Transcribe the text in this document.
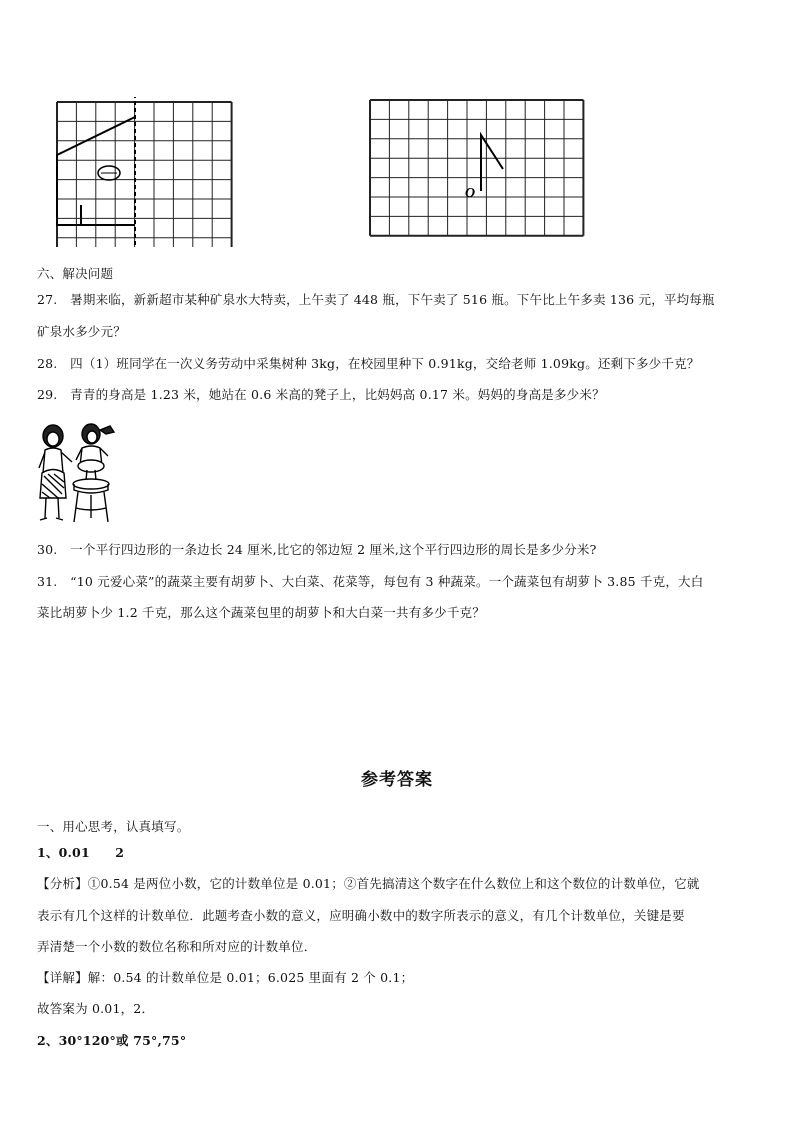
O
六、解决问题
27.　暑期来临，新新超市某种矿泉水大特卖，上午卖了 448 瓶，下午卖了 516 瓶。下午比上午多卖 136 元，平均每瓶
矿泉水多少元？
28.　四（1）班同学在一次义务劳动中采集树种 3kg，在校园里种下 0.91kg，交给老师 1.09kg。还剩下多少千克？
29.　青青的身高是 1.23 米，她站在 0.6 米高的凳子上，比妈妈高 0.17 米。妈妈的身高是多少米？
30.　一个平行四边形的一条边长 24 厘米,比它的邻边短 2 厘米,这个平行四边形的周长是多少分米?
31.　“10 元爱心菜”的蔬菜主要有胡萝卜、大白菜、花菜等，每包有 3 种蔬菜。一个蔬菜包有胡萝卜 3.85 千克，大白
菜比胡萝卜少 1.2 千克，那么这个蔬菜包里的胡萝卜和大白菜一共有多少千克？
参考答案
一、用心思考，认真填写。
1、0.01　　2
【分析】①0.54 是两位小数，它的计数单位是 0.01；②首先搞清这个数字在什么数位上和这个数位的计数单位，它就
表示有几个这样的计数单位．此题考查小数的意义，应明确小数中的数字所表示的意义，有几个计数单位，关键是要
弄清楚一个小数的数位名称和所对应的计数单位．
【详解】解：0.54 的计数单位是 0.01；6.025 里面有 2 个 0.1；
故答案为 0.01，2．
2、30°120°或 75°,75°
